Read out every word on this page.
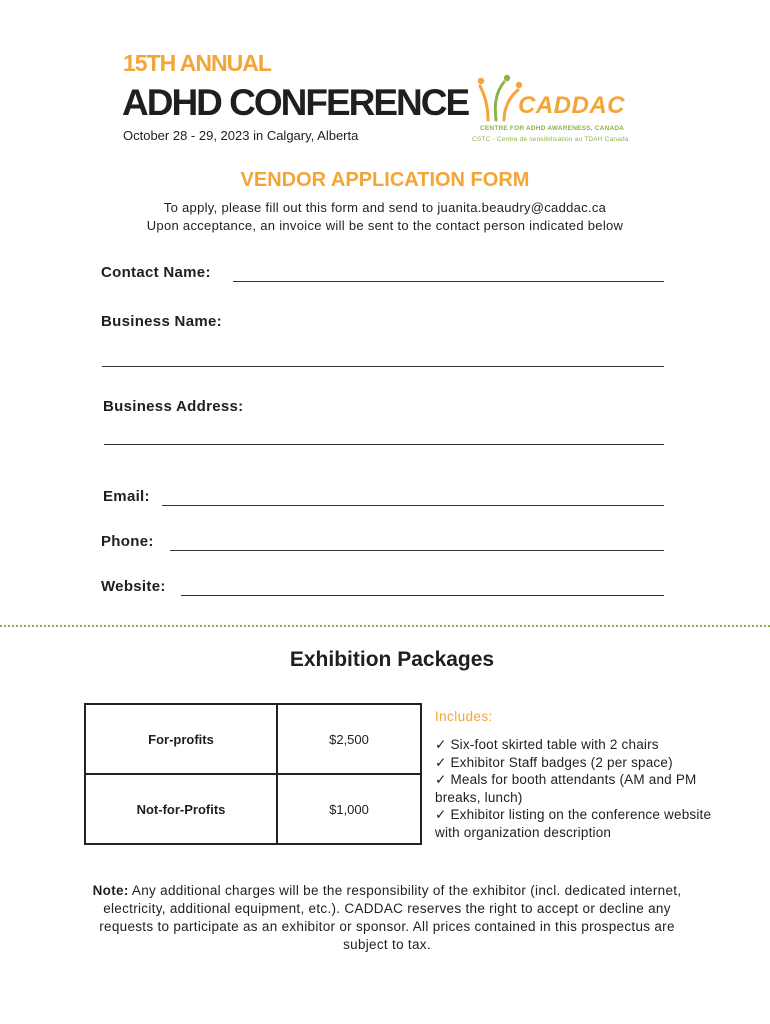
15TH ANNUAL
ADHD CONFERENCE
October 28 - 29, 2023 in Calgary, Alberta
CADDAC
CENTRE FOR ADHD AWARENESS, CANADA
CSTC - Centre de sensibilisation au TDAH Canada
VENDOR APPLICATION FORM
To apply, please fill out this form and send to juanita.beaudry@caddac.ca
Upon acceptance, an invoice will be sent to the contact person indicated below
Contact Name:
Business Name:
Business Address:
Email:
Phone:
Website:
Exhibition Packages
For-profits	$2,500
Not-for-Profits	$1,000
Includes:
✓ Six-foot skirted table with 2 chairs
✓ Exhibitor Staff badges (2 per space)
✓ Meals for booth attendants (AM and PM breaks, lunch)
✓ Exhibitor listing on the conference website with organization description
Note: Any additional charges will be the responsibility of the exhibitor (incl. dedicated internet, electricity, additional equipment, etc.). CADDAC reserves the right to accept or decline any requests to participate as an exhibitor or sponsor. All prices contained in this prospectus are subject to tax.
